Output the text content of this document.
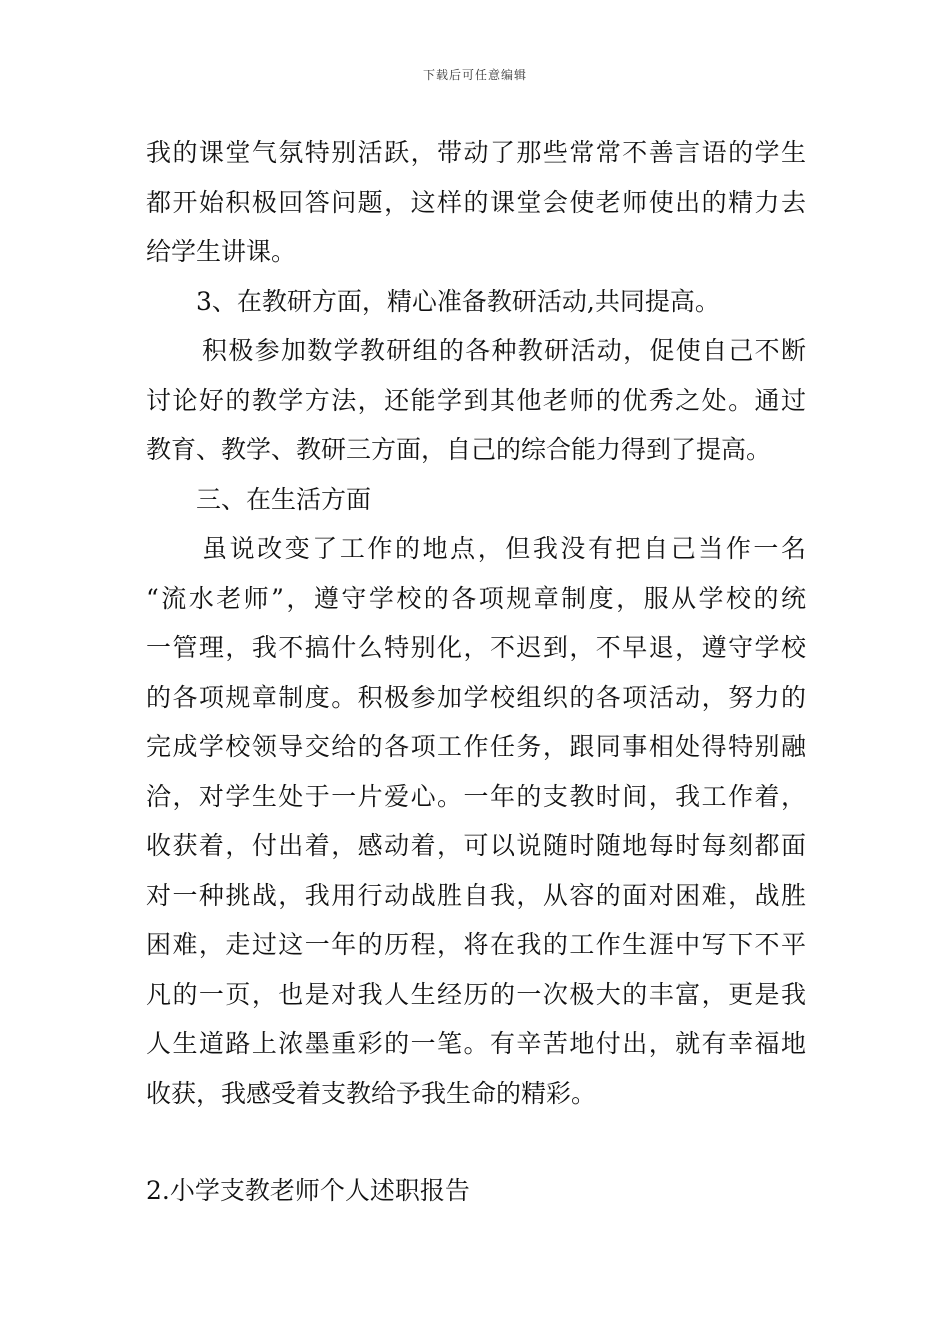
下载后可任意编辑
我的课堂气氛特别活跃，带动了那些常常不善言语的学生
都开始积极回答问题，这样的课堂会使老师使出的精力去
给学生讲课。
3、在教研方面，精心准备教研活动,共同提高。
积极参加数学教研组的各种教研活动，促使自己不断
讨论好的教学方法，还能学到其他老师的优秀之处。通过
教育、教学、教研三方面，自己的综合能力得到了提高。
三、在生活方面
虽说改变了工作的地点，但我没有把自己当作一名
“流水老师”，遵守学校的各项规章制度，服从学校的统
一管理，我不搞什么特别化，不迟到，不早退，遵守学校
的各项规章制度。积极参加学校组织的各项活动，努力的
完成学校领导交给的各项工作任务，跟同事相处得特别融
洽，对学生处于一片爱心。一年的支教时间，我工作着，
收获着，付出着，感动着，可以说随时随地每时每刻都面
对一种挑战，我用行动战胜自我，从容的面对困难，战胜
困难，走过这一年的历程，将在我的工作生涯中写下不平
凡的一页，也是对我人生经历的一次极大的丰富，更是我
人生道路上浓墨重彩的一笔。有辛苦地付出，就有幸福地
收获，我感受着支教给予我生命的精彩。
2.小学支教老师个人述职报告
